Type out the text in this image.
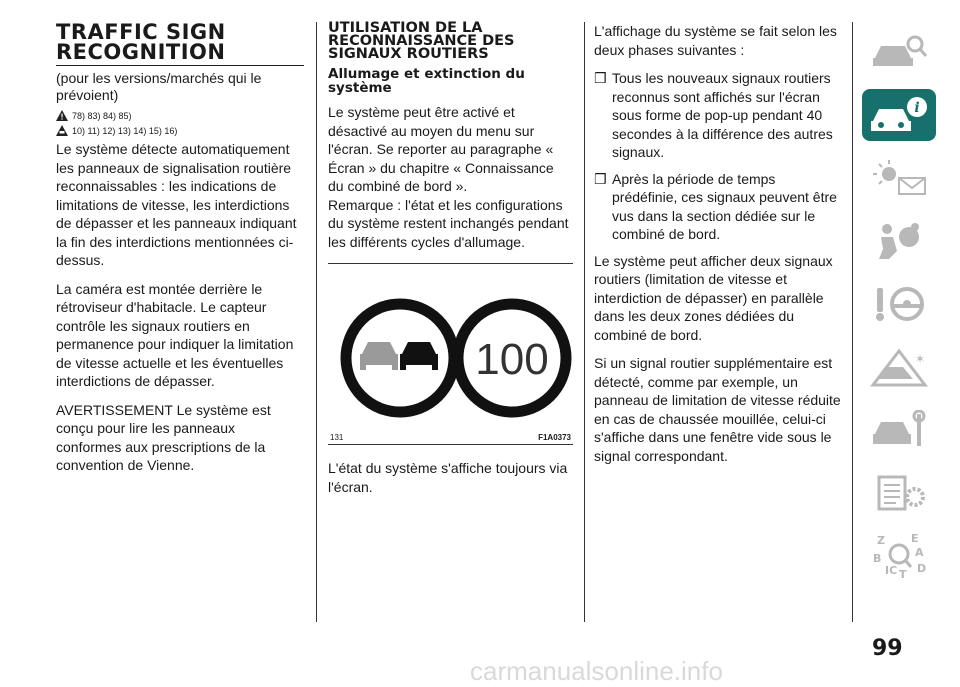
TRAFFIC SIGN RECOGNITION
(pour les versions/marchés qui le prévoient)
78) 83) 84) 85)
10) 11) 12) 13) 14) 15) 16)

Le système détecte automatiquement les panneaux de signalisation routière reconnaissables : les indications de limitations de vitesse, les interdictions de dépasser et les panneaux indiquant la fin des interdictions mentionnées ci-dessus.

La caméra est montée derrière le rétroviseur d'habitacle. Le capteur contrôle les signaux routiers en permanence pour indiquer la limitation de vitesse actuelle et les éventuelles interdictions de dépasser.

AVERTISSEMENT Le système est conçu pour lire les panneaux conformes aux prescriptions de la convention de Vienne.

UTILISATION DE LA RECONNAISSANCE DES SIGNAUX ROUTIERS
Allumage et extinction du système

Le système peut être activé et désactivé au moyen du menu sur l'écran. Se reporter au paragraphe « Écran » du chapitre « Connaissance du combiné de bord ».

Remarque : l'état et les configurations du système restent inchangés pendant les différents cycles d'allumage.

100
131	F1A0373

L'état du système s'affiche toujours via l'écran.

L'affichage du système se fait selon les deux phases suivantes :

❒ Tous les nouveaux signaux routiers reconnus sont affichés sur l'écran sous forme de pop-up pendant 40 secondes à la différence des autres signaux.
❒ Après la période de temps prédéfinie, ces signaux peuvent être vus dans la section dédiée sur le combiné de bord.

Le système peut afficher deux signaux routiers (limitation de vitesse et interdiction de dépasser) en parallèle dans les deux zones dédiées du combiné de bord.

Si un signal routier supplémentaire est détecté, comme par exemple, un panneau de limitation de vitesse réduite en cas de chaussée mouillée, celui-ci s'affiche dans une fenêtre vide sous le signal correspondant.

i
✶
Z E
A
B
IC T D
99
carmanualsonline.info
